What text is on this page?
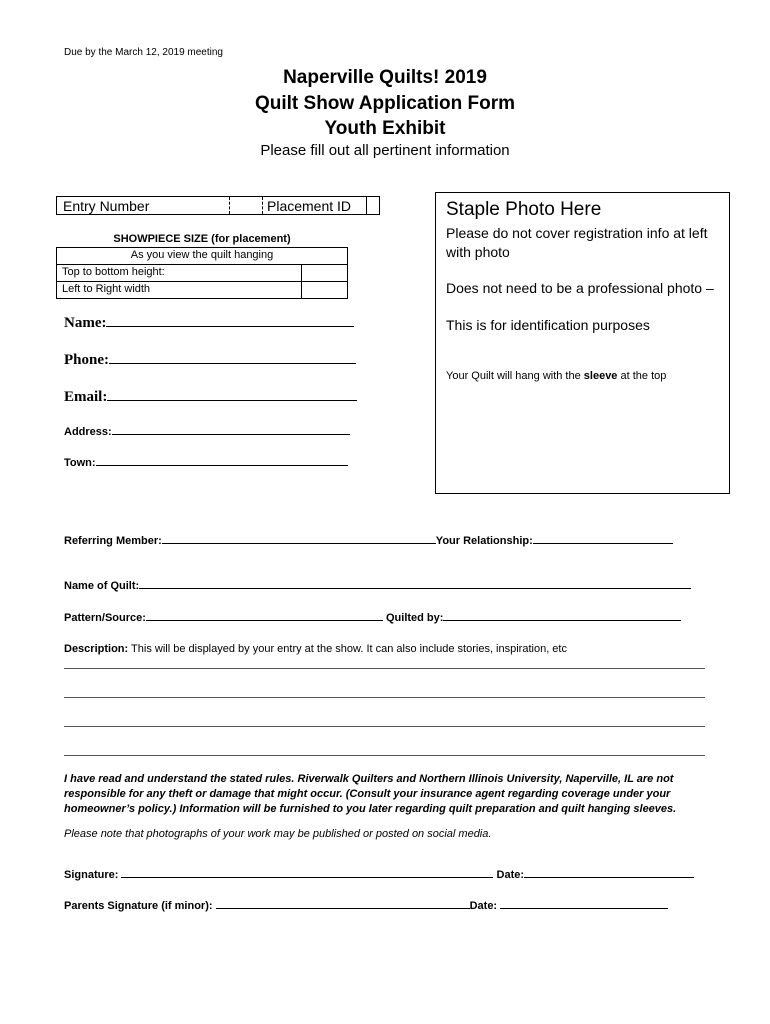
Due by the March 12, 2019 meeting
Naperville Quilts! 2019
Quilt Show Application Form
Youth Exhibit
Please fill out all pertinent information
Entry Number	Placement ID
SHOWPIECE SIZE (for placement)
As you view the quilt hanging
Top to bottom height:
Left to Right width
Name:
Phone:
Email:
Address:
Town:
Staple Photo Here
Please do not cover registration info at left with photo
Does not need to be a professional photo –
This is for identification purposes
Your Quilt will hang with the sleeve at the top
Referring Member:	Your Relationship:
Name of Quilt:
Pattern/Source:	Quilted by:
Description: This will be displayed by your entry at the show. It can also include stories, inspiration, etc
I have read and understand the stated rules. Riverwalk Quilters and Northern Illinois University, Naperville, IL are not responsible for any theft or damage that might occur. (Consult your insurance agent regarding coverage under your homeowner’s policy.) Information will be furnished to you later regarding quilt preparation and quilt hanging sleeves.
Please note that photographs of your work may be published or posted on social media.
Signature:	Date:
Parents Signature (if minor):	Date:
